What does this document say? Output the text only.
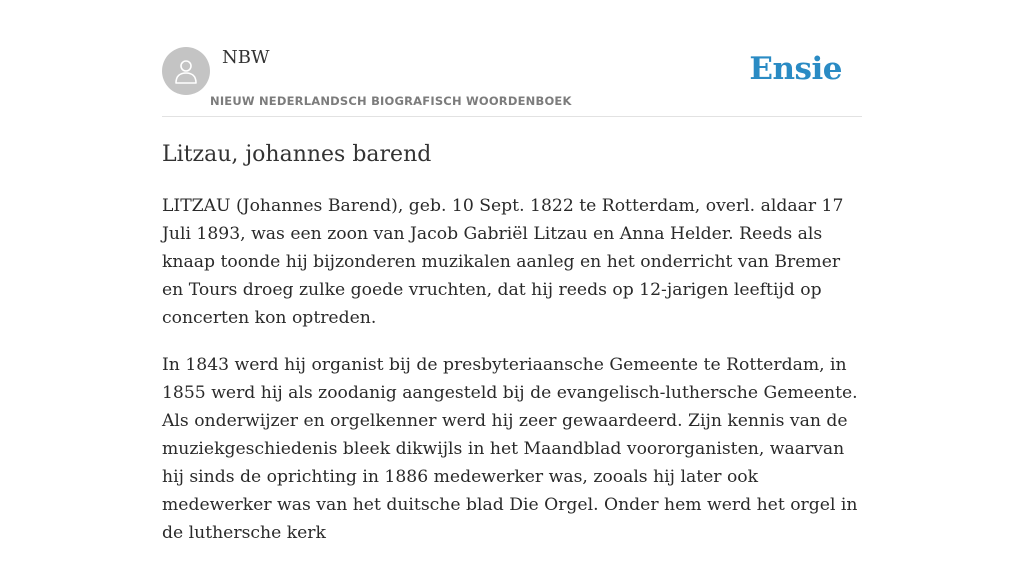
NBW
NIEUW NEDERLANDSCH BIOGRAFISCH WOORDENBOEK
Ensie
Litzau, johannes barend

LITZAU (Johannes Barend), geb. 10 Sept. 1822 te Rotterdam, overl. aldaar 17 Juli 1893, was een zoon van Jacob Gabriël Litzau en Anna Helder. Reeds als knaap toonde hij bijzonderen muzikalen aanleg en het onderricht van Bremer en Tours droeg zulke goede vruchten, dat hij reeds op 12-jarigen leeftijd op concerten kon optreden.

In 1843 werd hij organist bij de presbyteriaansche Gemeente te Rotterdam, in 1855 werd hij als zoodanig aangesteld bij de evangelisch-luthersche Gemeente. Als onderwijzer en orgelkenner werd hij zeer gewaardeerd. Zijn kennis van de muziekgeschiedenis bleek dikwijls in het Maandblad voororganisten, waarvan hij sinds de oprichting in 1886 medewerker was, zooals hij later ook medewerker was van het duitsche blad Die Orgel. Onder hem werd het orgel in de luthersche kerk
